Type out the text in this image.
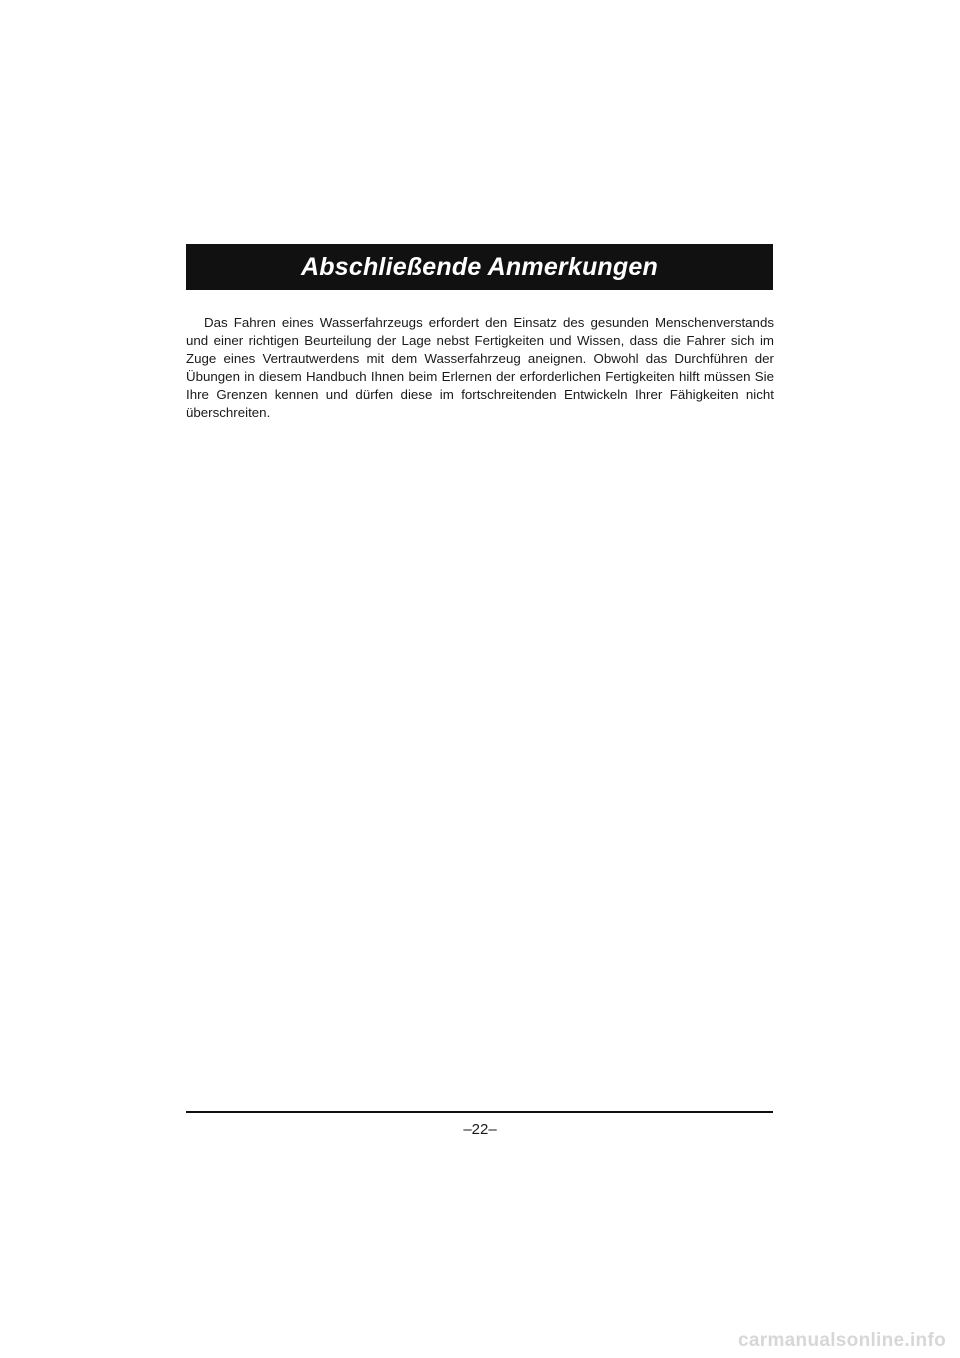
Abschließende Anmerkungen

Das Fahren eines Wasserfahrzeugs erfordert den Einsatz des gesunden Menschenverstands und einer richtigen Beurteilung der Lage nebst Fertigkeiten und Wissen, dass die Fahrer sich im Zuge eines Vertrautwerdens mit dem Wasserfahrzeug aneignen. Obwohl das Durchführen der Übungen in diesem Handbuch Ihnen beim Erlernen der erforderlichen Fertigkeiten hilft müssen Sie Ihre Grenzen kennen und dürfen diese im fortschreitenden Entwickeln Ihrer Fähigkeiten nicht überschreiten.

–22–
carmanualsonline.info
